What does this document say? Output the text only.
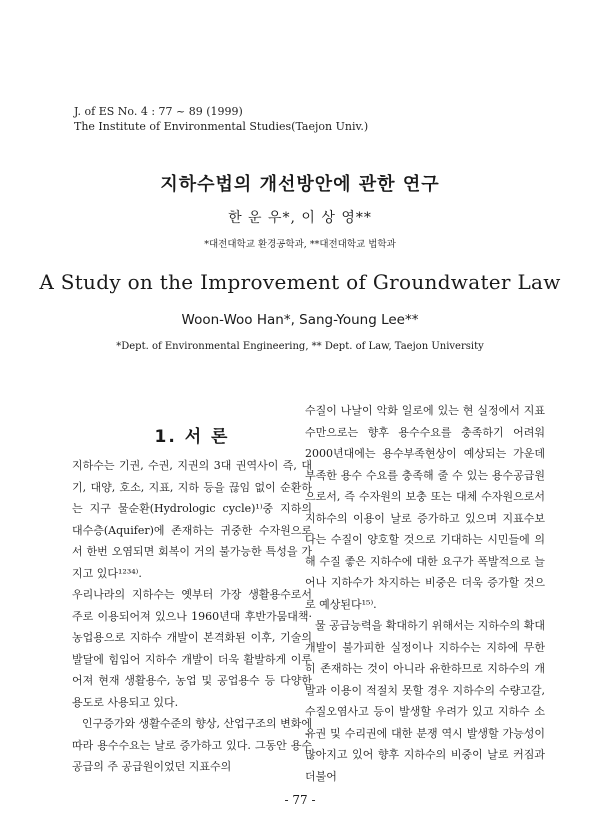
J. of ES No. 4 : 77 ~ 89 (1999)
The Institute of Environmental Studies(Taejon Univ.)
지하수법의 개선방안에 관한 연구
한 운 우*, 이 상 영**
*대전대학교 환경공학과, **대전대학교 법학과
A Study on the Improvement of Groundwater Law
Woon-Woo Han*, Sang-Young Lee**
*Dept. of Environmental Engineering, ** Dept. of Law, Taejon University
1. 서 론

지하수는 기권, 수권, 지권의 3대 권역사이 즉, 대기, 대양, 호소, 지표, 지하 등을 끊임 없이 순환하는 지구 물순환(Hydrologic cycle)¹⁾중 지하의 대수층(Aquifer)에 존재하는 귀중한 수자원으로서 한번 오염되면 회복이 거의 불가능한 특성을 가지고 있다¹²³⁴⁾.

우리나라의 지하수는 옛부터 가장 생활용수로서 주로 이용되어져 있으나 1960년대 후반가뭄대책·농업용으로 지하수 개발이 본격화된 이후, 기술의 발달에 힘입어 지하수 개발이 더욱 활발하게 이루어져 현재 생활용수, 농업 및 공업용수 등 다양한 용도로 사용되고 있다.

인구증가와 생활수준의 향상, 산업구조의 변화에 따라 용수수요는 날로 증가하고 있다. 그동안 용수공급의 주 공급원이었던 지표수의

수질이 나날이 악화 일로에 있는 현 실정에서 지표수만으로는 향후 용수수요를 충족하기 어려워 2000년대에는 용수부족현상이 예상되는 가운데 부족한 용수 수요를 충족해 줄 수 있는 용수공급원으로서, 즉 수자원의 보충 또는 대체 수자원으로서 지하수의 이용이 날로 증가하고 있으며 지표수보다는 수질이 양호할 것으로 기대하는 시민들에 의해 수질 좋은 지하수에 대한 요구가 폭발적으로 늘어나 지하수가 차지하는 비중은 더욱 증가할 것으로 예상된다¹⁵⁾.

물 공급능력을 확대하기 위해서는 지하수의 확대 개발이 불가피한 실정이나 지하수는 지하에 무한히 존재하는 것이 아니라 유한하므로 지하수의 개발과 이용이 적절치 못할 경우 지하수의 수량고갈, 수질오염사고 등이 발생할 우려가 있고 지하수 소유권 및 수리권에 대한 분쟁 역시 발생할 가능성이 많아지고 있어 향후 지하수의 비중이 날로 커짐과 더불어

- 77 -
